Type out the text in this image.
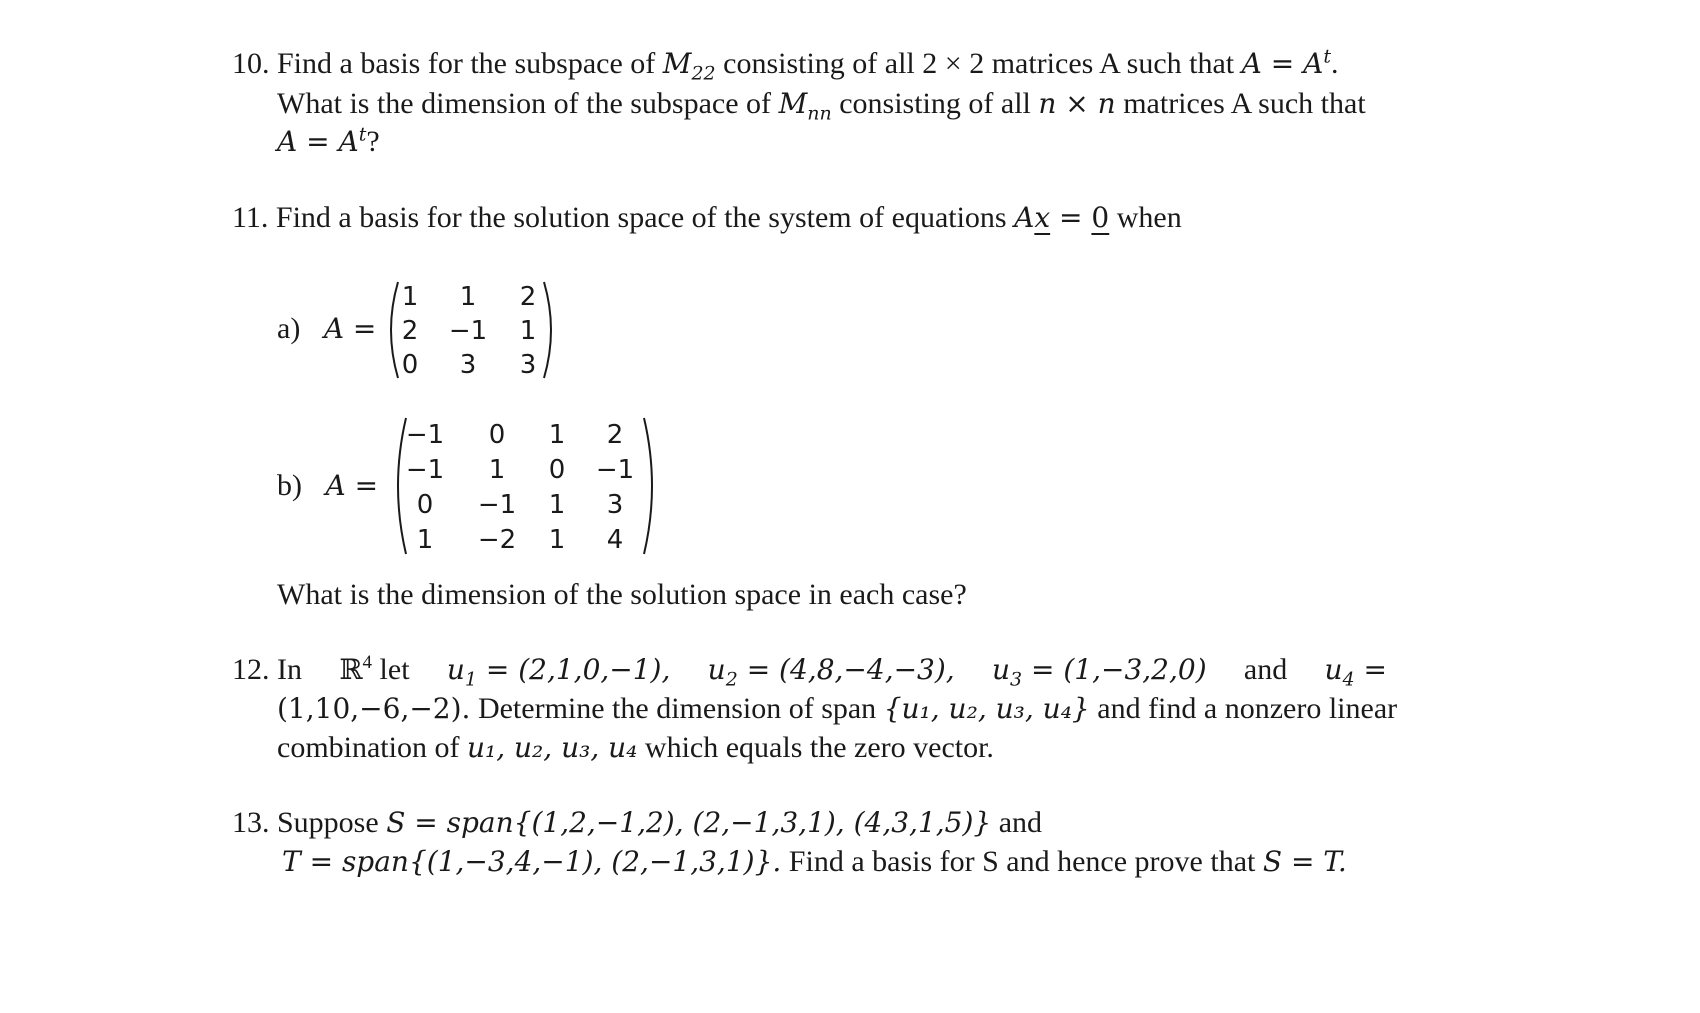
10. Find a basis for the subspace of $M_{22}$ consisting of all 2 × 2 matrices A such that $A = A^t$.
What is the dimension of the subspace of $M_{nn}$ consisting of all n × n matrices A such that
$A = A^t$?
11. Find a basis for the solution space of the system of equations Ax = 0 when
a) A =
1	1	2
2	−1	1
0	3	3
b) A =
−1	0	1	2
−1	1	0	−1
0	−1	1	3
1	−2	1	4
What is the dimension of the solution space in each case?
12. In ℝ$^4$ let $u_1 = (2,1,0,-1)$, $u_2 = (4,8,-4,-3)$, $u_3 = (1,-3,2,0)$ and $u_4$ =
(1,10,−6,−2). Determine the dimension of span {u₁, u₂, u₃, u₄} and find a nonzero linear
combination of u₁, u₂, u₃, u₄ which equals the zero vector.
13. Suppose S = span{(1,2,−1,2), (2,−1,3,1), (4,3,1,5)} and
T = span{(1,−3,4,−1), (2,−1,3,1)}. Find a basis for S and hence prove that S = T.
